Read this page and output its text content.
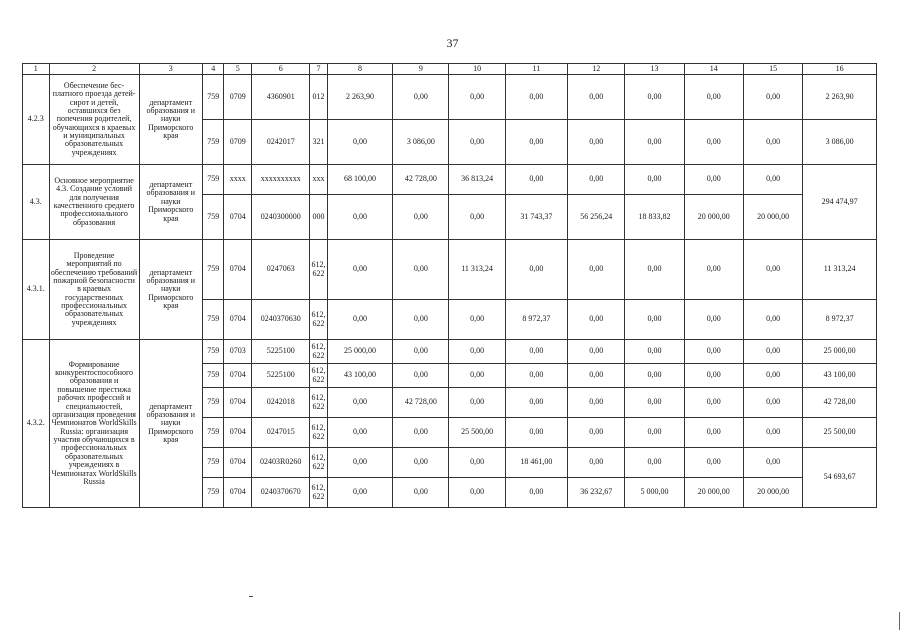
37
1	2	3	4	5	6	7	8	9	10	11	12	13	14	15	16
4.2.3	Обеспечение бес-платного проезда детей-сирот и детей, оставшихся без попечения родителей, обучающихся в краевых и муниципальных образовательных учреждениях	департамент образования и науки Приморского края	759	0709	4360901	012	2 263,90	0,00	0,00	0,00	0,00	0,00	0,00	0,00	2 263,90
			759	0709	0242017	321	0,00	3 086,00	0,00	0,00	0,00	0,00	0,00	0,00	3 086,00
4.3.	Основное мероприятие 4.3. Создание условий для получения качественного среднего профессионального образования	департамент образования и науки Приморского края	759	xxxx	xxxxxxxxxx	xxx	68 100,00	42 728,00	36 813,24	0,00	0,00	0,00	0,00	0,00	294 474,97
			759	0704	0240300000	000	0,00	0,00	0,00	31 743,37	56 256,24	18 833,82	20 000,00	20 000,00	
4.3.1.	Проведение мероприятий по обеспечению требований пожарной безопасности в краевых государственных профессиональных образовательных учреждениях	департамент образования и науки Приморского края	759	0704	0247063	612, 622	0,00	0,00	11 313,24	0,00	0,00	0,00	0,00	0,00	11 313,24
			759	0704	0240370630	612, 622	0,00	0,00	0,00	8 972,37	0,00	0,00	0,00	0,00	8 972,37
4.3.2.	Формирование конкурентоспособного образования и повышение престижа рабочих профессий и специальностей, организация проведения Чемпионатов WorldSkills Russia: организация участия обучающихся в профессиональных образовательных учреждениях в Чемпионатах WorldSkills Russia	департамент образования и науки Приморского края	759	0703	5225100	612, 622	25 000,00	0,00	0,00	0,00	0,00	0,00	0,00	0,00	25 000,00
			759	0704	5225100	612, 622	43 100,00	0,00	0,00	0,00	0,00	0,00	0,00	0,00	43 100,00
			759	0704	0242018	612, 622	0,00	42 728,00	0,00	0,00	0,00	0,00	0,00	0,00	42 728,00
			759	0704	0247015	612, 622	0,00	0,00	25 500,00	0,00	0,00	0,00	0,00	0,00	25 500,00
			759	0704	02403R0260	612, 622	0,00	0,00	0,00	18 461,00	0,00	0,00	0,00	0,00	54 693,67
			759	0704	0240370670	612, 622	0,00	0,00	0,00	0,00	36 232,67	5 000,00	20 000,00	20 000,00	
